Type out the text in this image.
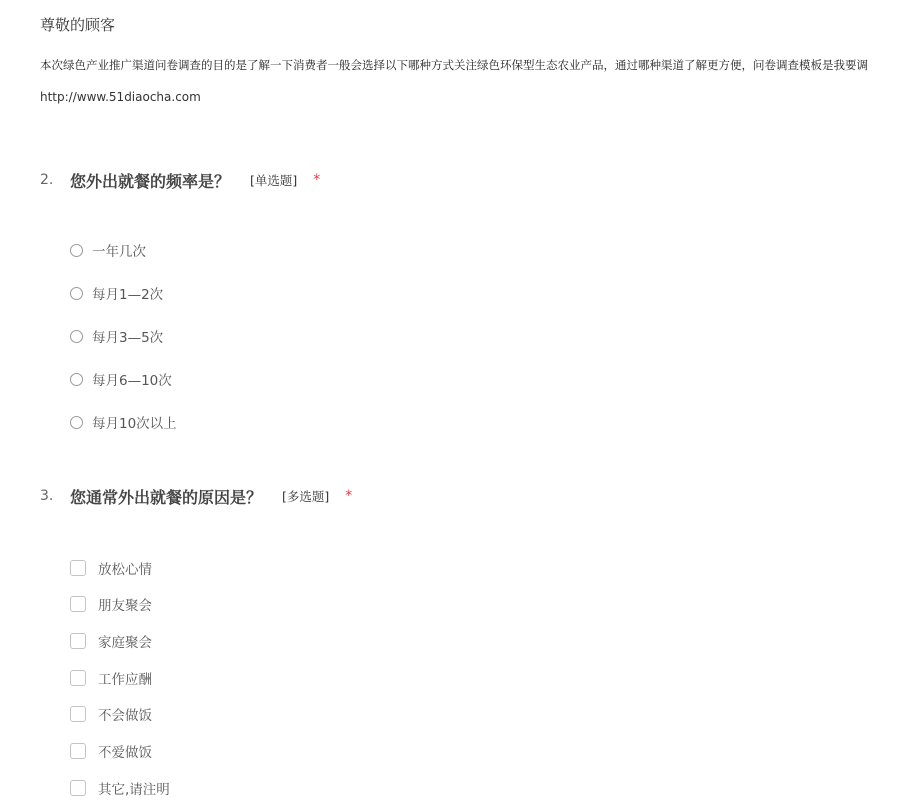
尊敬的顾客
本次绿色产业推广渠道问卷调查的目的是了解一下消费者一般会选择以下哪种方式关注绿色环保型生态农业产品，通过哪种渠道了解更方便，问卷调查模板是我要调
http://www.51diaocha.com
2.	您外出就餐的频率是？ [单选题] *
一年几次
每月1—2次
每月3—5次
每月6—10次
每月10次以上
3.	您通常外出就餐的原因是？ [多选题] *
放松心情
朋友聚会
家庭聚会
工作应酬
不会做饭
不爱做饭
其它,请注明
